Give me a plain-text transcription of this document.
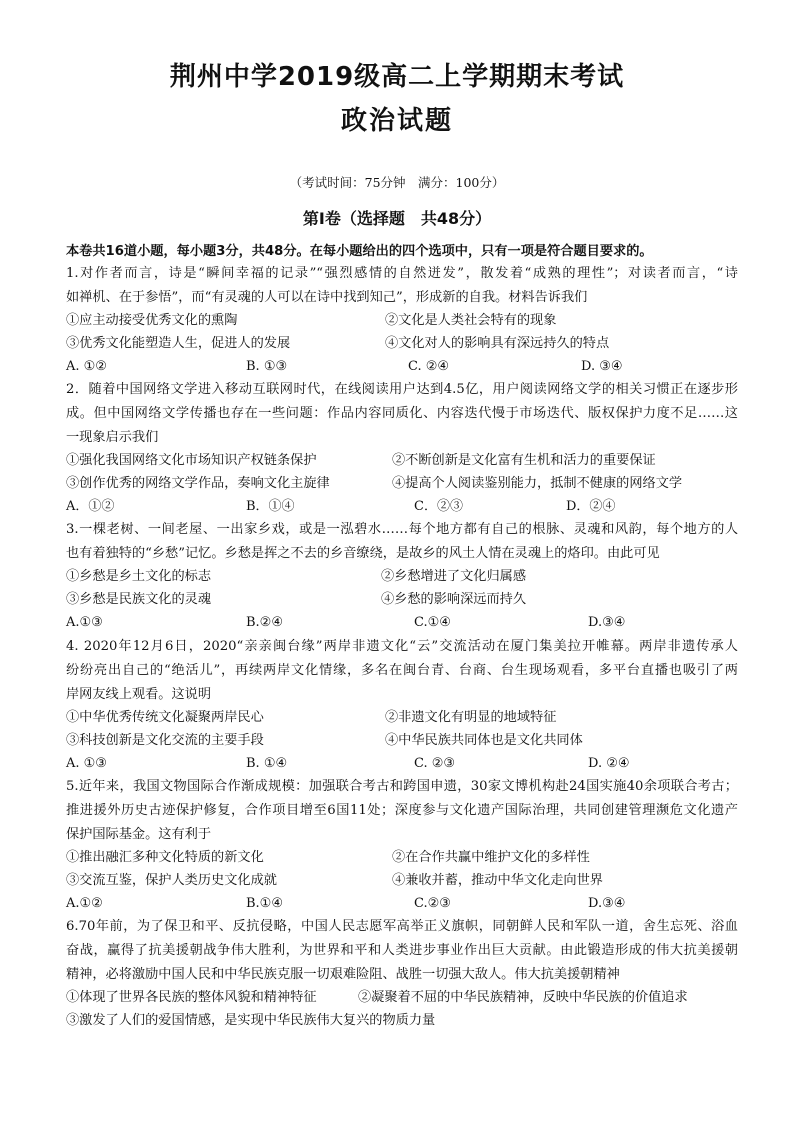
荆州中学2019级高二上学期期末考试
政治试题
（考试时间：75分钟　满分：100分）
第Ⅰ卷（选择题　共48分）
本卷共16道小题，每小题3分，共48分。在每小题给出的四个选项中，只有一项是符合题目要求的。
1.对作者而言，诗是“瞬间幸福的记录”“强烈感情的自然迸发”，散发着“成熟的理性”；对读者而言，“诗
如禅机、在于参悟”，而“有灵魂的人可以在诗中找到知己”，形成新的自我。材料告诉我们
①应主动接受优秀文化的熏陶	②文化是人类社会特有的现象
③优秀文化能塑造人生，促进人的发展	④文化对人的影响具有深远持久的特点
A. ①②	B. ①③	C. ②④	D. ③④
2．随着中国网络文学进入移动互联网时代，在线阅读用户达到4.5亿，用户阅读网络文学的相关习惯正在逐步形
成。但中国网络文学传播也存在一些问题：作品内容同质化、内容迭代慢于市场迭代、版权保护力度不足……这
一现象启示我们
①强化我国网络文化市场知识产权链条保护	②不断创新是文化富有生机和活力的重要保证
③创作优秀的网络文学作品，奏响文化主旋律	④提高个人阅读鉴别能力，抵制不健康的网络文学
A．①②	B．①④	C．②③	D．②④
3.一棵老树、一间老屋、一出家乡戏，或是一泓碧水……每个地方都有自己的根脉、灵魂和风韵，每个地方的人
也有着独特的“乡愁”记忆。乡愁是挥之不去的乡音缭绕，是故乡的风土人情在灵魂上的烙印。由此可见
①乡愁是乡土文化的标志	②乡愁增进了文化归属感
③乡愁是民族文化的灵魂	④乡愁的影响深远而持久
A.①③	B.②④	C.①④	D.③④
4. 2020年12月6日，2020“亲亲闽台缘”两岸非遗文化“云”交流活动在厦门集美拉开帷幕。两岸非遗传承人
纷纷亮出自己的“绝活儿”，再续两岸文化情缘，多名在闽台青、台商、台生现场观看，多平台直播也吸引了两
岸网友线上观看。这说明
①中华优秀传统文化凝聚两岸民心	②非遗文化有明显的地域特征
③科技创新是文化交流的主要手段	④中华民族共同体也是文化共同体
A. ①③	B. ①④	C. ②③	D. ②④
5.近年来，我国文物国际合作渐成规模：加强联合考古和跨国申遗，30家文博机构赴24国实施40余项联合考古；
推进援外历史古迹保护修复，合作项目增至6国11处；深度参与文化遗产国际治理，共同创建管理濒危文化遗产
保护国际基金。这有利于
①推出融汇多种文化特质的新文化	②在合作共赢中维护文化的多样性
③交流互鉴，保护人类历史文化成就	④兼收并蓄，推动中华文化走向世界
A.①②	B.①④	C.②③	D.③④
6.70年前，为了保卫和平、反抗侵略，中国人民志愿军高举正义旗帜，同朝鲜人民和军队一道，舍生忘死、浴血
奋战，赢得了抗美援朝战争伟大胜利，为世界和平和人类进步事业作出巨大贡献。由此锻造形成的伟大抗美援朝
精神，必将激励中国人民和中华民族克服一切艰难险阻、战胜一切强大敌人。伟大抗美援朝精神
①体现了世界各民族的整体风貌和精神特征	②凝聚着不屈的中华民族精神，反映中华民族的价值追求
③激发了人们的爱国情感，是实现中华民族伟大复兴的物质力量
